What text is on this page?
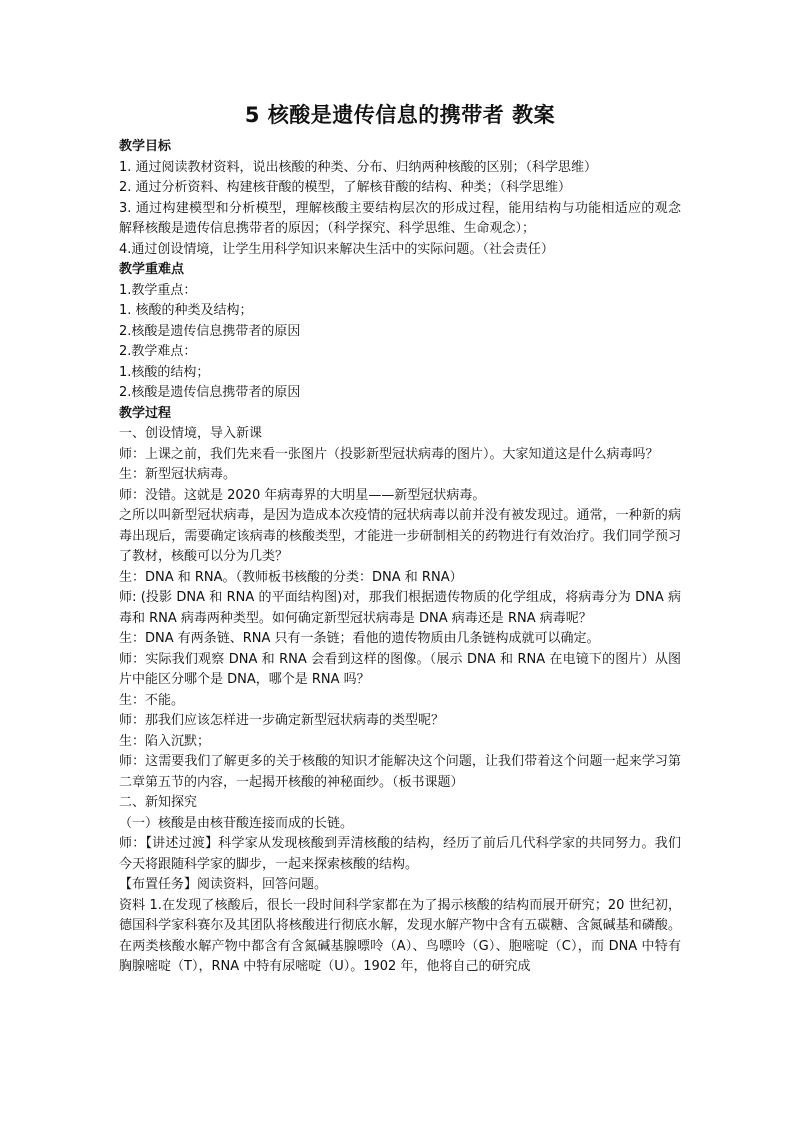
5 核酸是遗传信息的携带者 教案

教学目标

1. 通过阅读教材资料，说出核酸的种类、分布、归纳两种核酸的区别；（科学思维）

2. 通过分析资料、构建核苷酸的模型，了解核苷酸的结构、种类；（科学思维）

3. 通过构建模型和分析模型，理解核酸主要结构层次的形成过程，能用结构与功能相适应的观念解释核酸是遗传信息携带者的原因；（科学探究、科学思维、生命观念）；

4.通过创设情境，让学生用科学知识来解决生活中的实际问题。（社会责任）

教学重难点

1.教学重点：

1. 核酸的种类及结构；

2.核酸是遗传信息携带者的原因

2.教学难点：

1.核酸的结构；

2.核酸是遗传信息携带者的原因

教学过程

一、创设情境，导入新课

师：上课之前，我们先来看一张图片（投影新型冠状病毒的图片）。大家知道这是什么病毒吗？

生：新型冠状病毒。

师：没错。这就是 2020 年病毒界的大明星——新型冠状病毒。

之所以叫新型冠状病毒，是因为造成本次疫情的冠状病毒以前并没有被发现过。通常，一种新的病毒出现后，需要确定该病毒的核酸类型，才能进一步研制相关的药物进行有效治疗。我们同学预习了教材，核酸可以分为几类？

生：DNA 和 RNA。（教师板书核酸的分类：DNA 和 RNA）

师: (投影 DNA 和 RNA 的平面结构图)对，那我们根据遗传物质的化学组成，将病毒分为 DNA 病毒和 RNA 病毒两种类型。如何确定新型冠状病毒是 DNA 病毒还是 RNA 病毒呢？

生：DNA 有两条链、RNA 只有一条链；看他的遗传物质由几条链构成就可以确定。

师：实际我们观察 DNA 和 RNA 会看到这样的图像。（展示 DNA 和 RNA 在电镜下的图片）从图片中能区分哪个是 DNA，哪个是 RNA 吗？

生：不能。

师：那我们应该怎样进一步确定新型冠状病毒的类型呢？

生：陷入沉默；

师：这需要我们了解更多的关于核酸的知识才能解决这个问题，让我们带着这个问题一起来学习第二章第五节的内容，一起揭开核酸的神秘面纱。（板书课题）

二、新知探究

（一）核酸是由核苷酸连接而成的长链。

师：【讲述过渡】科学家从发现核酸到弄清核酸的结构，经历了前后几代科学家的共同努力。我们今天将跟随科学家的脚步，一起来探索核酸的结构。

【布置任务】阅读资料，回答问题。

资料 1.在发现了核酸后，很长一段时间科学家都在为了揭示核酸的结构而展开研究；20 世纪初，德国科学家科赛尔及其团队将核酸进行彻底水解，发现水解产物中含有五碳糖、含氮碱基和磷酸。在两类核酸水解产物中都含有含氮碱基腺嘌呤（A）、鸟嘌呤（G）、胞嘧啶（C），而 DNA 中特有胸腺嘧啶（T），RNA 中特有尿嘧啶（U）。1902 年，他将自己的研究成
